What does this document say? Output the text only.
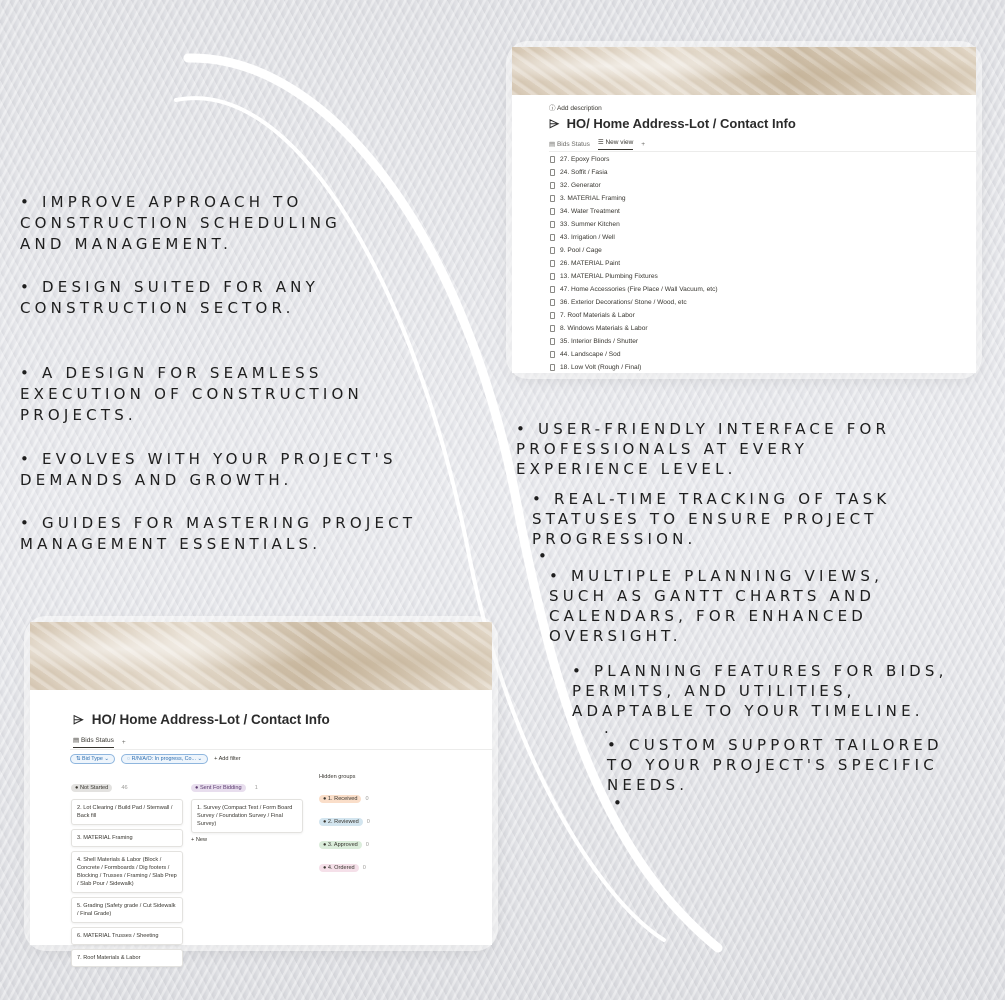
• IMPROVE APPROACH TO CONSTRUCTION SCHEDULING AND MANAGEMENT.
• DESIGN SUITED FOR ANY CONSTRUCTION SECTOR.
• A DESIGN FOR SEAMLESS EXECUTION OF CONSTRUCTION PROJECTS.
• EVOLVES WITH YOUR PROJECT'S DEMANDS AND GROWTH.
• GUIDES FOR MASTERING PROJECT MANAGEMENT ESSENTIALS.
• USER-FRIENDLY INTERFACE FOR PROFESSIONALS AT EVERY EXPERIENCE LEVEL.
• REAL-TIME TRACKING OF TASK STATUSES TO ENSURE PROJECT PROGRESSION.
•
• MULTIPLE PLANNING VIEWS, SUCH AS GANTT CHARTS AND CALENDARS, FOR ENHANCED OVERSIGHT.
• PLANNING FEATURES FOR BIDS, PERMITS, AND UTILITIES, ADAPTABLE TO YOUR TIMELINE.
.
• CUSTOM SUPPORT TAILORED TO YOUR PROJECT'S SPECIFIC NEEDS.
•
ⓘ Add description
⌲ HO/ Home Address-Lot / Contact Info
▤ Bids Status ☰ New view +
27. Epoxy Floors
24. Soffit / Fasia
32. Generator
3. MATERIAL Framing
34. Water Treatment
33. Summer Kitchen
43. Irrigation / Well
9. Pool / Cage
26. MATERIAL Paint
13. MATERIAL Plumbing Fixtures
47. Home Accessories (Fire Place / Wall Vacuum, etc)
36. Exterior Decorations/ Stone / Wood, etc
7. Roof Materials & Labor
8. Windows Materials & Labor
35. Interior Blinds / Shutter
44. Landscape / Sod
18. Low Volt (Rough / Final)
⌲ HO/ Home Address-Lot / Contact Info
▤ Bids Status +
⇅ Bid Type ⌄	◌ R/N/A/O: In progress, Co... ⌄	+ Add filter
● Not Started 46
2. Lot Clearing / Build Pad / Stemwall / Back fill
3. MATERIAL Framing
4. Shell Materials & Labor (Block / Concrete / Formboards / Dig footers / Blocking / Trusses / Framing / Slab Prep / Slab Pour / Sidewalk)
5. Grading (Safety grade / Cut Sidewalk / Final Grade)
6. MATERIAL Trusses / Sheeting
7. Roof Materials & Labor
● Sent For Bidding 1
1. Survey (Compact Test / Form Board Survey / Foundation Survey / Final Survey)
+ New
Hidden groups
● 1. Received 0
● 2. Reviewed 0
● 3. Approved 0
● 4. Ordered 0
